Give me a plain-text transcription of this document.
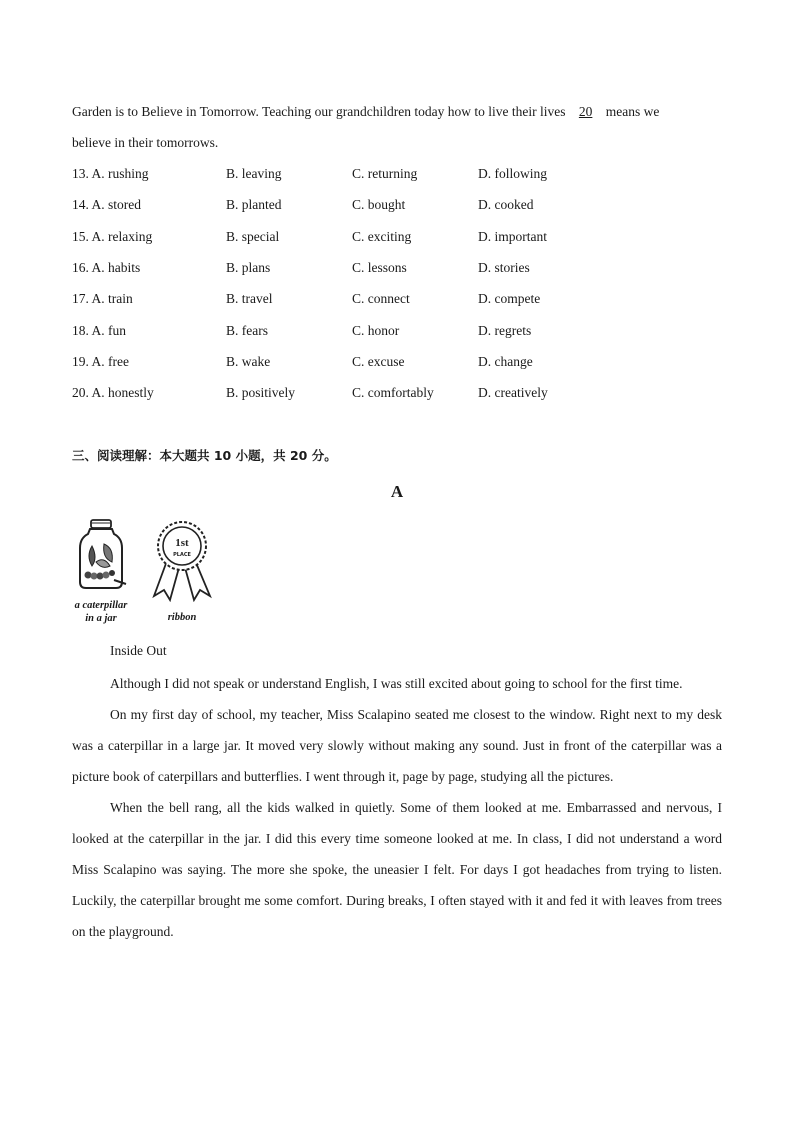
Garden is to Believe in Tomorrow. Teaching our grandchildren today how to live their lives 20 means we
believe in their tomorrows.
13. A. rushing	B. leaving	C. returning	D. following
14. A. stored	B. planted	C. bought	D. cooked
15. A. relaxing	B. special	C. exciting	D. important
16. A. habits	B. plans	C. lessons	D. stories
17. A. train	B. travel	C. connect	D. compete
18. A. fun	B. fears	C. honor	D. regrets
19. A. free	B. wake	C. excuse	D. change
20. A. honestly	B. positively	C. comfortably	D. creatively
三、阅读理解：本大题共 10 小题，共 20 分。
A
a caterpillar
in a jar
1st
PLACE
ribbon
Inside Out

Although I did not speak or understand English, I was still excited about going to school for the first time.

On my first day of school, my teacher, Miss Scalapino seated me closest to the window. Right next to my desk was a caterpillar in a large jar. It moved very slowly without making any sound. Just in front of the caterpillar was a picture book of caterpillars and butterflies. I went through it, page by page, studying all the pictures.

When the bell rang, all the kids walked in quietly. Some of them looked at me. Embarrassed and nervous, I looked at the caterpillar in the jar. I did this every time someone looked at me. In class, I did not understand a word Miss Scalapino was saying. The more she spoke, the uneasier I felt. For days I got headaches from trying to listen. Luckily, the caterpillar brought me some comfort. During breaks, I often stayed with it and fed it with leaves from trees on the playground.
